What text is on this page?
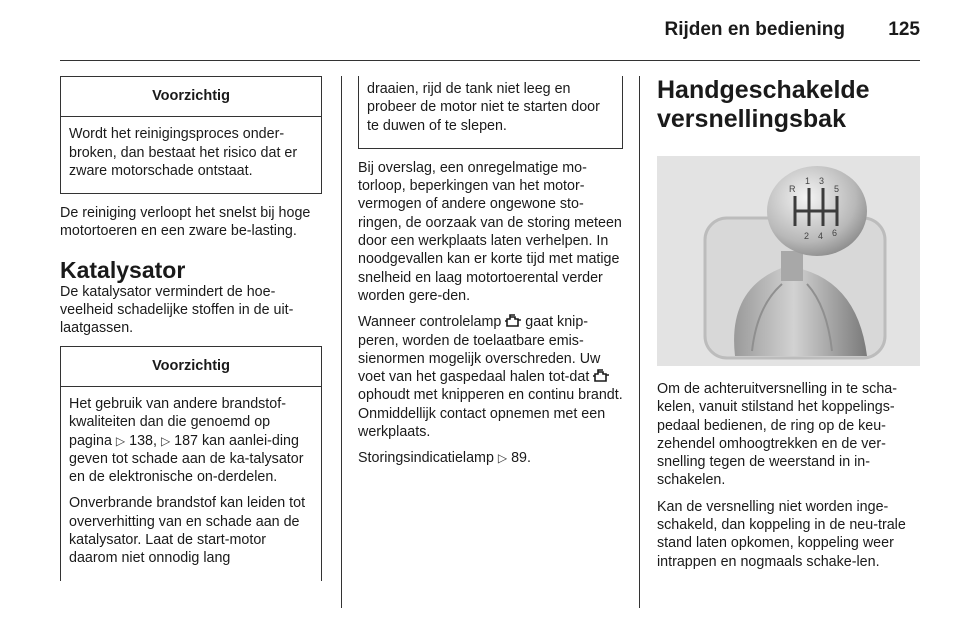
Rijden en bediening 125
Voorzichtig

Wordt het reinigingsproces onder-broken, dan bestaat het risico dat er zware motorschade ontstaat.

De reiniging verloopt het snelst bij hoge motortoeren en een zware be-lasting.

Katalysator

De katalysator vermindert de hoe-veelheid schadelijke stoffen in de uit-laatgassen.

Voorzichtig

Het gebruik van andere brandstof-kwaliteiten dan die genoemd op pagina ▷ 138, ▷ 187 kan aanlei-ding geven tot schade aan de ka-talysator en de elektronische on-derdelen.

Onverbrande brandstof kan leiden tot oververhitting van en schade aan de katalysator. Laat de start-motor daarom niet onnodig lang

draaien, rijd de tank niet leeg en probeer de motor niet te starten door te duwen of te slepen.

Bij overslag, een onregelmatige mo-torloop, beperkingen van het motor-vermogen of andere ongewone sto-ringen, de oorzaak van de storing meteen door een werkplaats laten verhelpen. In noodgevallen kan er korte tijd met matige snelheid en laag motortoerental verder worden gere-den.

Wanneer controlelamp  gaat knip-peren, worden de toelaatbare emis-sienormen mogelijk overschreden. Uw voet van het gaspedaal halen tot-dat  ophoudt met knipperen en continu brandt. Onmiddellijk contact opnemen met een werkplaats.

Storingsindicatielamp ▷ 89.

Handgeschakelde versnellingsbak
R
1 3
5
2 4 6

Om de achteruitversnelling in te scha-kelen, vanuit stilstand het koppelings-pedaal bedienen, de ring op de keu-zehendel omhoogtrekken en de ver-snelling tegen de weerstand in in-schakelen.

Kan de versnelling niet worden inge-schakeld, dan koppeling in de neu-trale stand laten opkomen, koppeling weer intrappen en nogmaals schake-len.
